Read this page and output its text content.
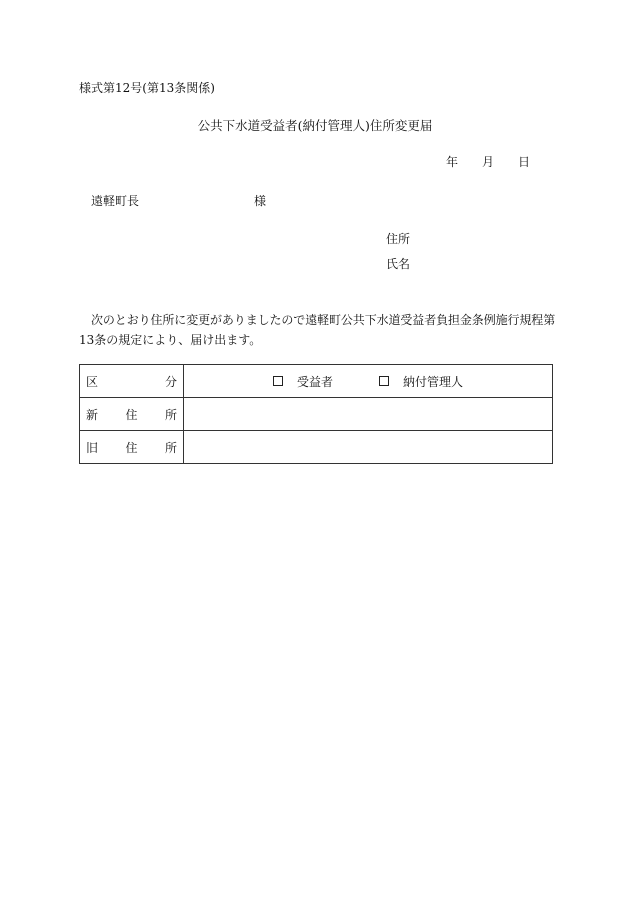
様式第12号(第13条関係)
公共下水道受益者(納付管理人)住所変更届
年 月 日
遠軽町長	様
住所
氏名
次のとおり住所に変更がありましたので遠軽町公共下水道受益者負担金条例施行規程第
13条の規定により、届け出ます。
区 分	受益者 納付管理人

新 住 所	

旧 住 所	
